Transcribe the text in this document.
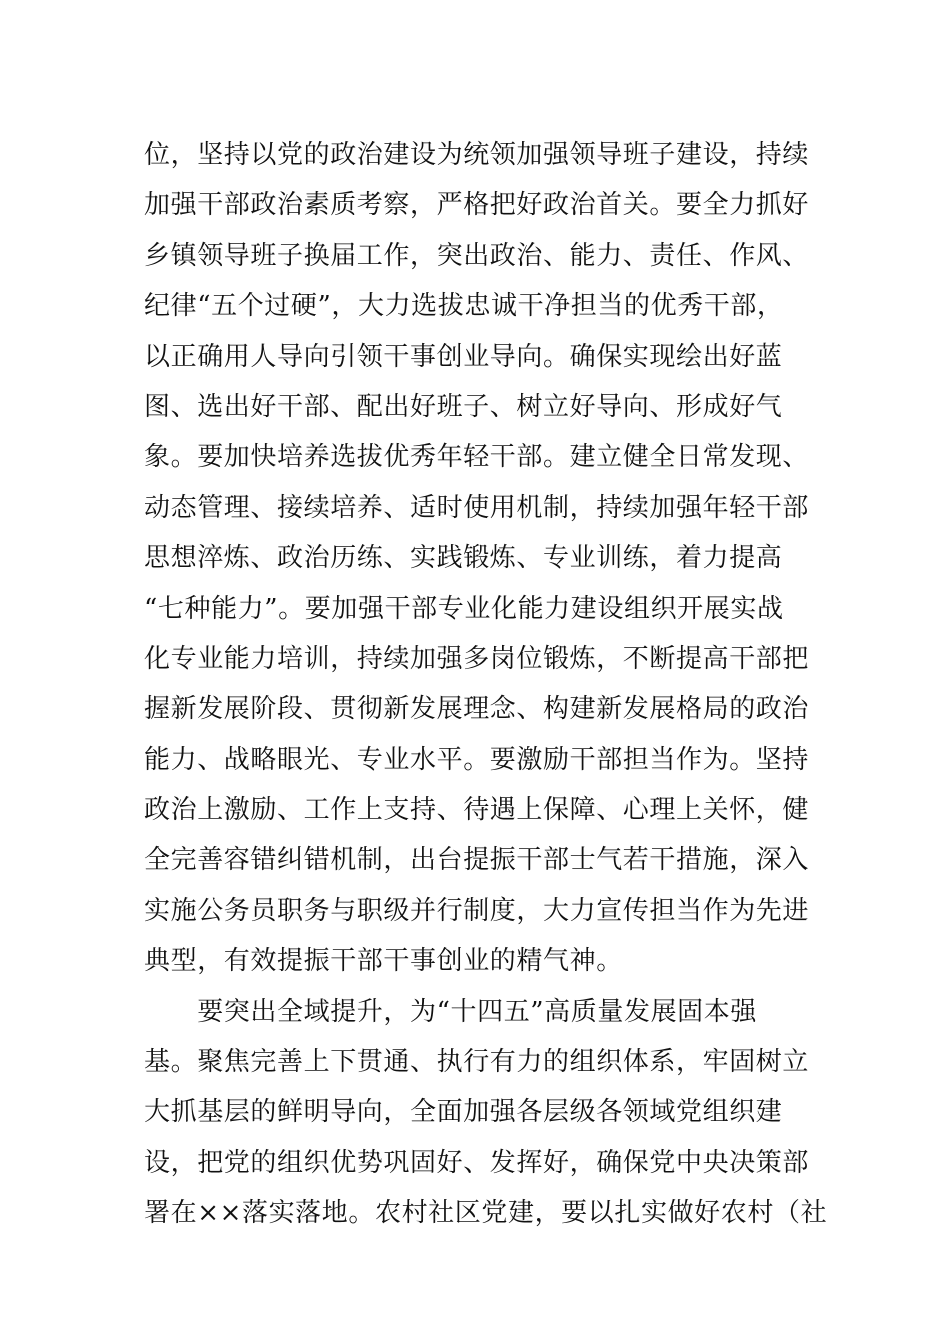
位，坚持以党的政治建设为统领加强领导班子建设，持续
加强干部政治素质考察，严格把好政治首关。要全力抓好
乡镇领导班子换届工作，突出政治、能力、责任、作风、
纪律“五个过硬”，大力选拔忠诚干净担当的优秀干部，
以正确用人导向引领干事创业导向。确保实现绘出好蓝
图、选出好干部、配出好班子、树立好导向、形成好气
象。要加快培养选拔优秀年轻干部。建立健全日常发现、
动态管理、接续培养、适时使用机制，持续加强年轻干部
思想淬炼、政治历练、实践锻炼、专业训练，着力提高
“七种能力”。要加强干部专业化能力建设组织开展实战
化专业能力培训，持续加强多岗位锻炼，不断提高干部把
握新发展阶段、贯彻新发展理念、构建新发展格局的政治
能力、战略眼光、专业水平。要激励干部担当作为。坚持
政治上激励、工作上支持、待遇上保障、心理上关怀，健
全完善容错纠错机制，出台提振干部士气若干措施，深入
实施公务员职务与职级并行制度，大力宣传担当作为先进
典型，有效提振干部干事创业的精气神。
　　要突出全域提升，为“十四五”高质量发展固本强
基。聚焦完善上下贯通、执行有力的组织体系，牢固树立
大抓基层的鲜明导向，全面加强各层级各领域党组织建
设，把党的组织优势巩固好、发挥好，确保党中央决策部
署在××落实落地。农村社区党建，要以扎实做好农村（社
